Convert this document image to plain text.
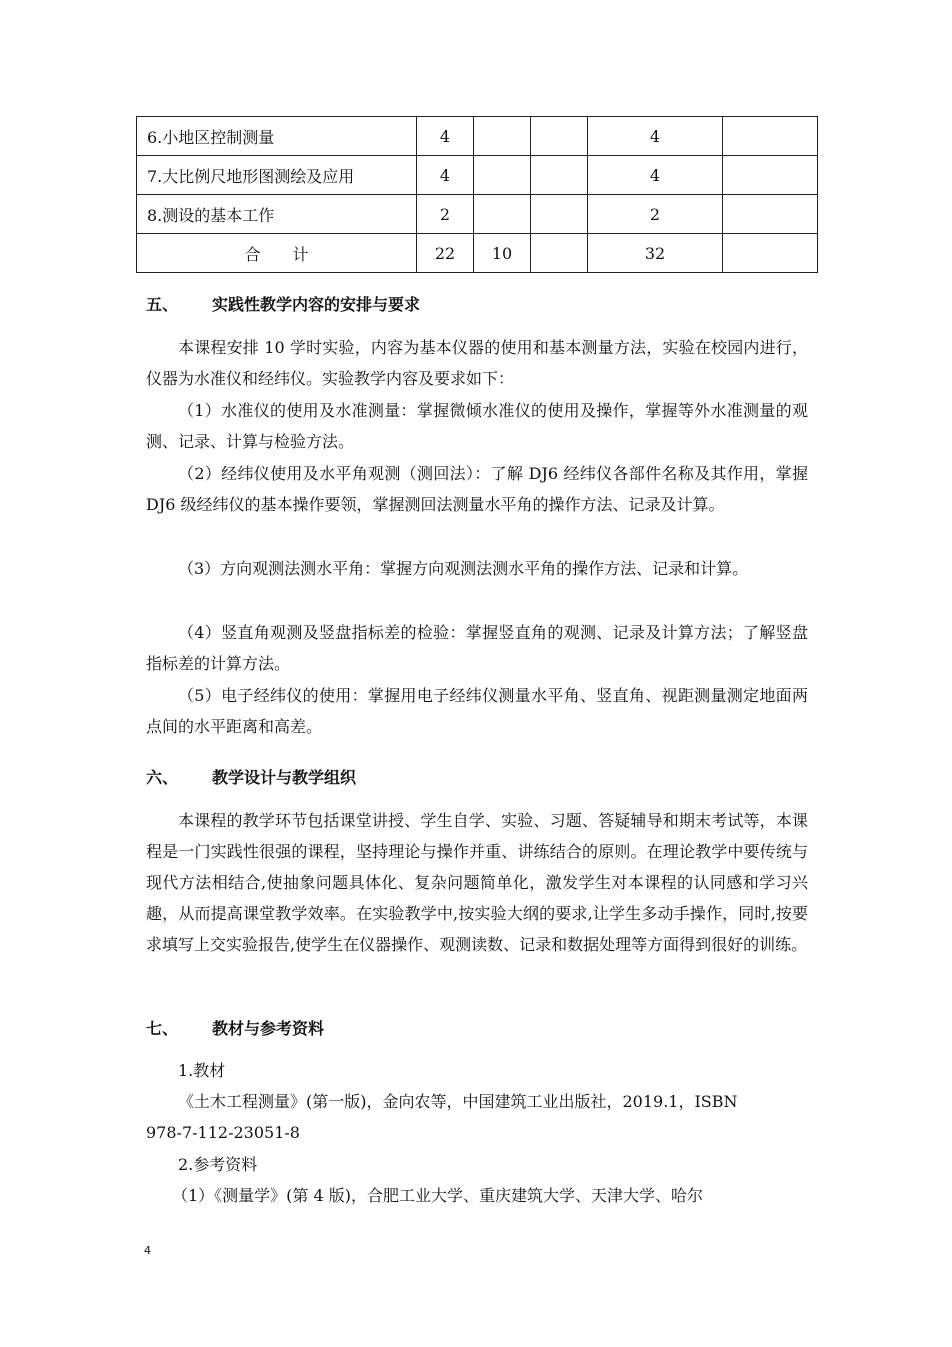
6.小地区控制测量	4			4	
7.大比例尺地形图测绘及应用	4			4	
8.测设的基本工作	2			2	
合　　计	22	10		32	
五、 实践性教学内容的安排与要求

本课程安排 10 学时实验，内容为基本仪器的使用和基本测量方法，实验在校园内进行，仪器为水准仪和经纬仪。实验教学内容及要求如下：

（1）水准仪的使用及水准测量：掌握微倾水准仪的使用及操作，掌握等外水准测量的观测、记录、计算与检验方法。

（2）经纬仪使用及水平角观测（测回法）：了解 DJ6 经纬仪各部件名称及其作用，掌握 DJ6 级经纬仪的基本操作要领，掌握测回法测量水平角的操作方法、记录及计算。

（3）方向观测法测水平角：掌握方向观测法测水平角的操作方法、记录和计算。

（4）竖直角观测及竖盘指标差的检验：掌握竖直角的观测、记录及计算方法；了解竖盘指标差的计算方法。

（5）电子经纬仪的使用：掌握用电子经纬仪测量水平角、竖直角、视距测量测定地面两点间的水平距离和高差。

六、 教学设计与教学组织

本课程的教学环节包括课堂讲授、学生自学、实验、习题、答疑辅导和期末考试等，本课程是一门实践性很强的课程，坚持理论与操作并重、讲练结合的原则。在理论教学中要传统与现代方法相结合,使抽象问题具体化、复杂问题简单化，激发学生对本课程的认同感和学习兴趣，从而提高课堂教学效率。在实验教学中,按实验大纲的要求,让学生多动手操作，同时,按要求填写上交实验报告,使学生在仪器操作、观测读数、记录和数据处理等方面得到很好的训练。

七、 教材与参考资料

1.教材

《土木工程测量》(第一版)，金向农等，中国建筑工业出版社，2019.1，ISBN

978-7-112-23051-8

2.参考资料

（1）《测量学》(第 4 版)，合肥工业大学、重庆建筑大学、天津大学、哈尔

4
